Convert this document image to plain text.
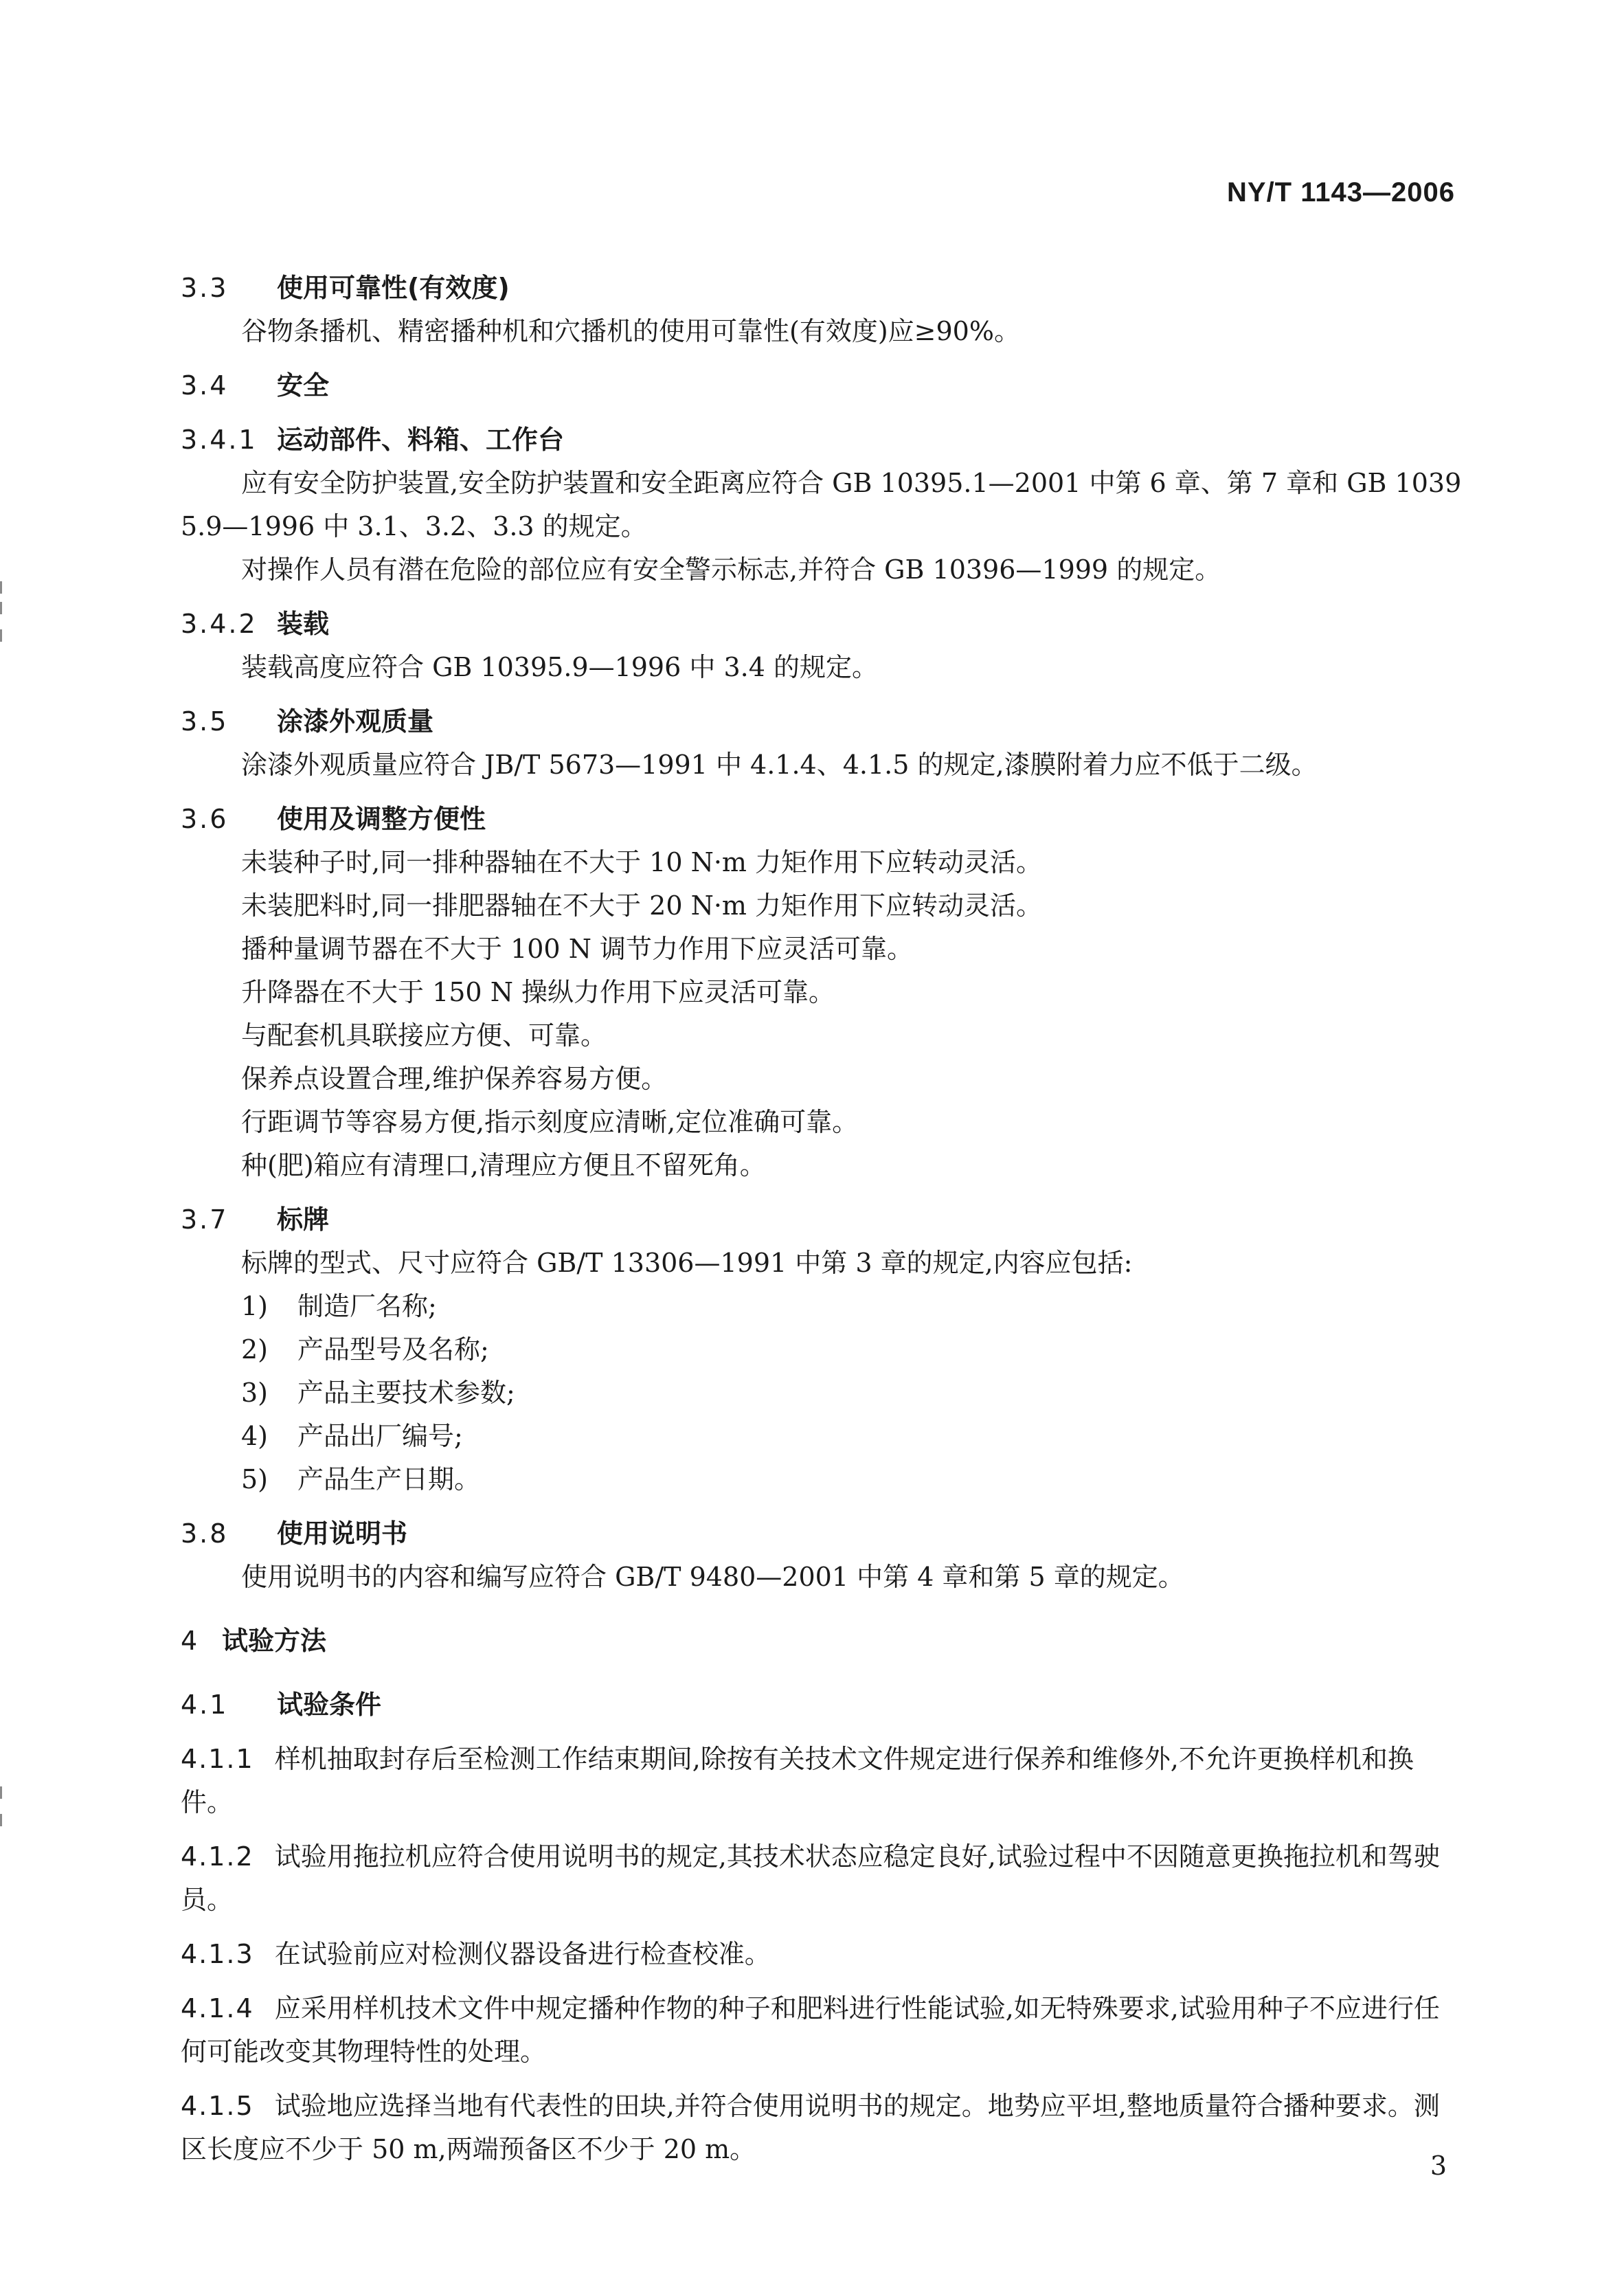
NY/T 1143—2006
3.3 使用可靠性(有效度)
谷物条播机、精密播种机和穴播机的使用可靠性(有效度)应≥90%。
3.4 安全
3.4.1 运动部件、料箱、工作台
应有安全防护装置,安全防护装置和安全距离应符合 GB 10395.1—2001 中第 6 章、第 7 章和 GB 10395.9—1996 中 3.1、3.2、3.3 的规定。
对操作人员有潜在危险的部位应有安全警示标志,并符合 GB 10396—1999 的规定。
3.4.2 装载
装载高度应符合 GB 10395.9—1996 中 3.4 的规定。
3.5 涂漆外观质量
涂漆外观质量应符合 JB/T 5673—1991 中 4.1.4、4.1.5 的规定,漆膜附着力应不低于二级。
3.6 使用及调整方便性
未装种子时,同一排种器轴在不大于 10 N·m 力矩作用下应转动灵活。
未装肥料时,同一排肥器轴在不大于 20 N·m 力矩作用下应转动灵活。
播种量调节器在不大于 100 N 调节力作用下应灵活可靠。
升降器在不大于 150 N 操纵力作用下应灵活可靠。
与配套机具联接应方便、可靠。
保养点设置合理,维护保养容易方便。
行距调节等容易方便,指示刻度应清晰,定位准确可靠。
种(肥)箱应有清理口,清理应方便且不留死角。
3.7 标牌
标牌的型式、尺寸应符合 GB/T 13306—1991 中第 3 章的规定,内容应包括:
1) 制造厂名称;
2) 产品型号及名称;
3) 产品主要技术参数;
4) 产品出厂编号;
5) 产品生产日期。
3.8 使用说明书
使用说明书的内容和编写应符合 GB/T 9480—2001 中第 4 章和第 5 章的规定。
4 试验方法
4.1 试验条件
4.1.1 样机抽取封存后至检测工作结束期间,除按有关技术文件规定进行保养和维修外,不允许更换样机和换件。
4.1.2 试验用拖拉机应符合使用说明书的规定,其技术状态应稳定良好,试验过程中不因随意更换拖拉机和驾驶员。
4.1.3 在试验前应对检测仪器设备进行检查校准。
4.1.4 应采用样机技术文件中规定播种作物的种子和肥料进行性能试验,如无特殊要求,试验用种子不应进行任何可能改变其物理特性的处理。
4.1.5 试验地应选择当地有代表性的田块,并符合使用说明书的规定。地势应平坦,整地质量符合播种要求。测区长度应不少于 50 m,两端预备区不少于 20 m。
3
